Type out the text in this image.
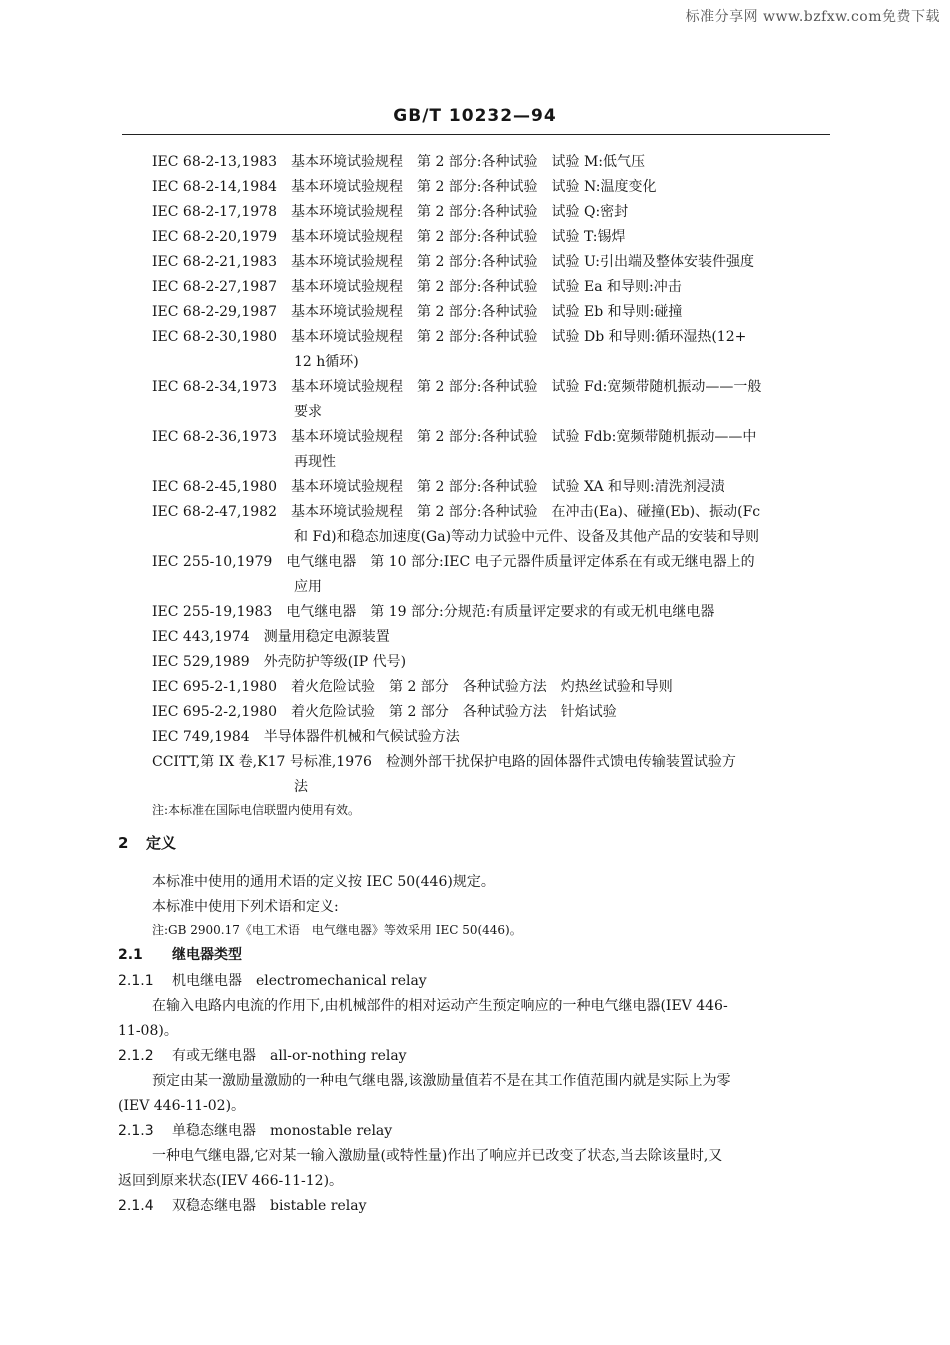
标准分享网 www.bzfxw.com免费下载
GB/T 10232—94
IEC 68-2-13,1983 基本环境试验规程　第 2 部分:各种试验　试验 M:低气压
IEC 68-2-14,1984 基本环境试验规程　第 2 部分:各种试验　试验 N:温度变化
IEC 68-2-17,1978 基本环境试验规程　第 2 部分:各种试验　试验 Q:密封
IEC 68-2-20,1979 基本环境试验规程　第 2 部分:各种试验　试验 T:锡焊
IEC 68-2-21,1983 基本环境试验规程　第 2 部分:各种试验　试验 U:引出端及整体安装件强度
IEC 68-2-27,1987 基本环境试验规程　第 2 部分:各种试验　试验 Ea 和导则:冲击
IEC 68-2-29,1987 基本环境试验规程　第 2 部分:各种试验　试验 Eb 和导则:碰撞
IEC 68-2-30,1980 基本环境试验规程　第 2 部分:各种试验　试验 Db 和导则:循环湿热(12+
12 h循环)
IEC 68-2-34,1973 基本环境试验规程　第 2 部分:各种试验　试验 Fd:宽频带随机振动——一般
要求
IEC 68-2-36,1973 基本环境试验规程　第 2 部分:各种试验　试验 Fdb:宽频带随机振动——中
再现性
IEC 68-2-45,1980 基本环境试验规程　第 2 部分:各种试验　试验 XA 和导则:清洗剂浸渍
IEC 68-2-47,1982 基本环境试验规程　第 2 部分:各种试验　在冲击(Ea)、碰撞(Eb)、振动(Fc
和 Fd)和稳态加速度(Ga)等动力试验中元件、设备及其他产品的安装和导则
IEC 255-10,1979 电气继电器　第 10 部分:IEC 电子元器件质量评定体系在有或无继电器上的
应用
IEC 255-19,1983 电气继电器　第 19 部分:分规范:有质量评定要求的有或无机电继电器
IEC 443,1974 测量用稳定电源装置
IEC 529,1989 外壳防护等级(IP 代号)
IEC 695-2-1,1980 着火危险试验　第 2 部分　各种试验方法　灼热丝试验和导则
IEC 695-2-2,1980 着火危险试验　第 2 部分　各种试验方法　针焰试验
IEC 749,1984 半导体器件机械和气候试验方法
CCITT,第 IX 卷,K17 号标准,1976 检测外部干扰保护电路的固体器件式馈电传输装置试验方
法
注:本标准在国际电信联盟内使用有效。
2 定义
本标准中使用的通用术语的定义按 IEC 50(446)规定。
本标准中使用下列术语和定义:
注:GB 2900.17《电工术语　电气继电器》等效采用 IEC 50(446)。
2.1 继电器类型
2.1.1 机电继电器 electromechanical relay
在输入电路内电流的作用下,由机械部件的相对运动产生预定响应的一种电气继电器(IEV 446-
11-08)。
2.1.2 有或无继电器 all-or-nothing relay
预定由某一激励量激励的一种电气继电器,该激励量值若不是在其工作值范围内就是实际上为零
(IEV 446-11-02)。
2.1.3 单稳态继电器 monostable relay
一种电气继电器,它对某一输入激励量(或特性量)作出了响应并已改变了状态,当去除该量时,又
返回到原来状态(IEV 466-11-12)。
2.1.4 双稳态继电器 bistable relay
